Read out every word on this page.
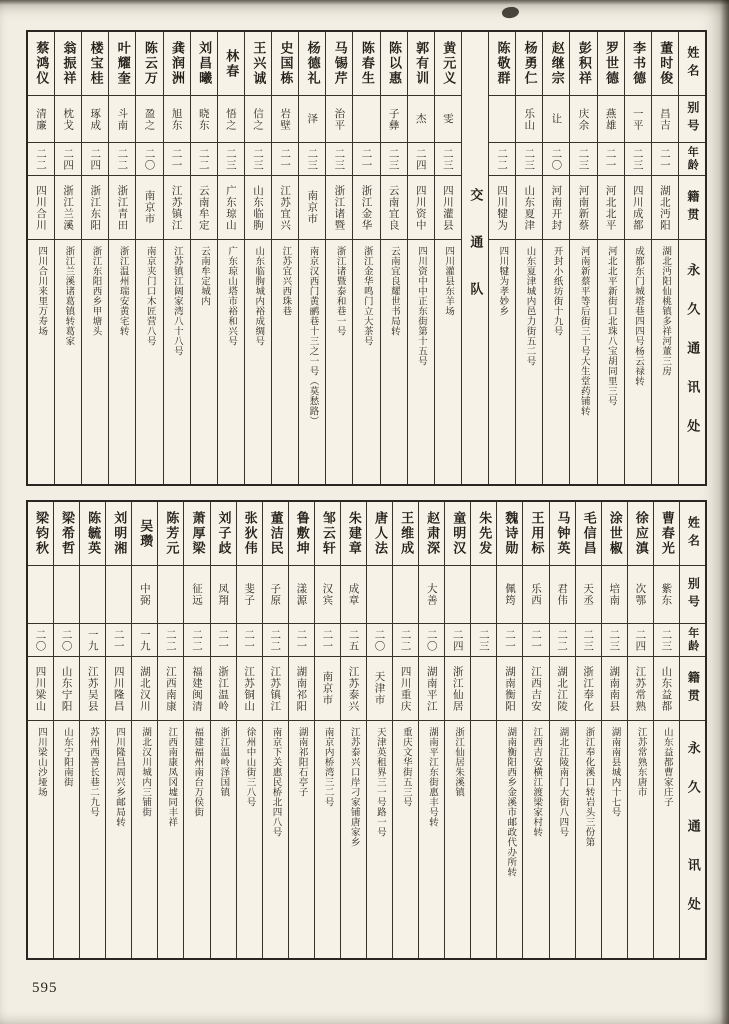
姓名
别号
年龄
籍贯
永久通讯处
董时俊
昌吉
二一
湖北沔阳
湖北沔阳仙桃镇多祥河董三房
李书德
一平
二三
四川成都
成都东门城塔巷四四号杨云禄转
罗世德
燕雄
二一
河北北平
河北北平新街口北珠八宝胡同里三号
彭积祥
庆余
二三
河南新蔡
河南新蔡平等后街三十号大生堂药铺转
赵继宗
让
二〇
河南开封
开封小纸坊街十九号
杨勇仁
乐山
二三
山东夏津
山东夏津城内邑力街五二号
陈敬群
二二
四川犍为
四川犍为孝妙乡
交通队
黄元义
雯
二三
四川灌县
四川灌县东羊场
郭有训
杰
二四
四川资中
四川资中中正东街第十五号
陈以惠
子彝
二三
云南宜良
云南宜良耀世书局转
陈春生
二一
浙江金华
浙江金华鸣门立大茶号
马锡芹
治平
二三
浙江诸暨
浙江诸暨泰和巷一号
杨德礼
泽
二三
南京市
南京汉西门黄鹂巷十三之一号（莫愁路）
史国栋
岩壁
二一
江苏宜兴
江苏宜兴西珠巷
王兴诚
信之
二三
山东临朐
山东临朐城内裕成绸号
林春
悟之
二三
广东琼山
广东琼山塔市裕和兴号
刘昌曦
晓东
二二
云南牟定
云南牟定城内
龚润洲
旭东
二一
江苏镇江
江苏镇江阔家湾八十八号
陈云万
盈之
二〇
南京市
南京夹门口木匠营八号
叶耀奎
斗南
二二
浙江青田
浙江温州瑞安黄宅转
楼宝桂
琢成
二四
浙江东阳
浙江东阳西乡甲塘头
翁振祥
枕戈
二四
浙江兰溪
浙江兰溪诸葛镇转葛家
蔡鸿仪
清廉
二二
四川合川
四川合川来里万寿场
姓名
别号
年龄
籍贯
永久通讯处
曹春光
紫东
二三
山东益都
山东益都曹家庄子
徐应滇
次鄂
二四
江苏常熟
江苏常熟东唐市
涂世椒
培南
二三
湖南南县
湖南南县城内十七号
毛信昌
天丞
二三
浙江奉化
浙江奉化溪口转岩头三份第
马钟英
君伟
二二
湖北江陵
湖北江陵南门大街八四号
王用标
乐西
二一
江西吉安
江西吉安横江渡梁家村转
魏诗勋
佩筠
二一
湖南衡阳
湖南衡阳西乡金溪市邮政代办所转
朱先发
二三
童明汉
二四
浙江仙居
浙江仙居朱溪镇
赵肃深
大善
二〇
湖南平江
湖南平江东街惠丰号转
王维成
二二
四川重庆
重庆文华街五三号
唐人法
二〇
天津市
天津英租界三一号路一号
朱建章
成章
二五
江苏泰兴
江苏泰兴口岸刁家铺唐家乡
邹云轩
汉宾
二一
南京市
南京内桥湾三二号
鲁敷坤
漾源
二一
湖南祁阳
湖南祁阳石亭子
董洁民
子原
二二
江苏镇江
南京下关惠民桥北四八号
张狄伟
斐子
二一
江苏铜山
徐州中山街三八号
刘子歧
凤翔
二一
浙江温岭
浙江温岭泽国镇
萧厚梁
征远
二二
福建闽清
福建福州南台万侯街
陈芳元
二二
江西南康
江西南康凤冈墟同丰祥
吴瓒
中弼
一九
湖北汉川
湖北汉川城内三铺街
刘明湘
二一
四川隆昌
四川隆昌周兴乡邮局转
陈毓英
一九
江苏吴县
苏州西善长巷二九号
梁希哲
二〇
山东宁阳
山东宁阳南街
梁钧秋
二〇
四川梁山
四川梁山沙垭场
595
